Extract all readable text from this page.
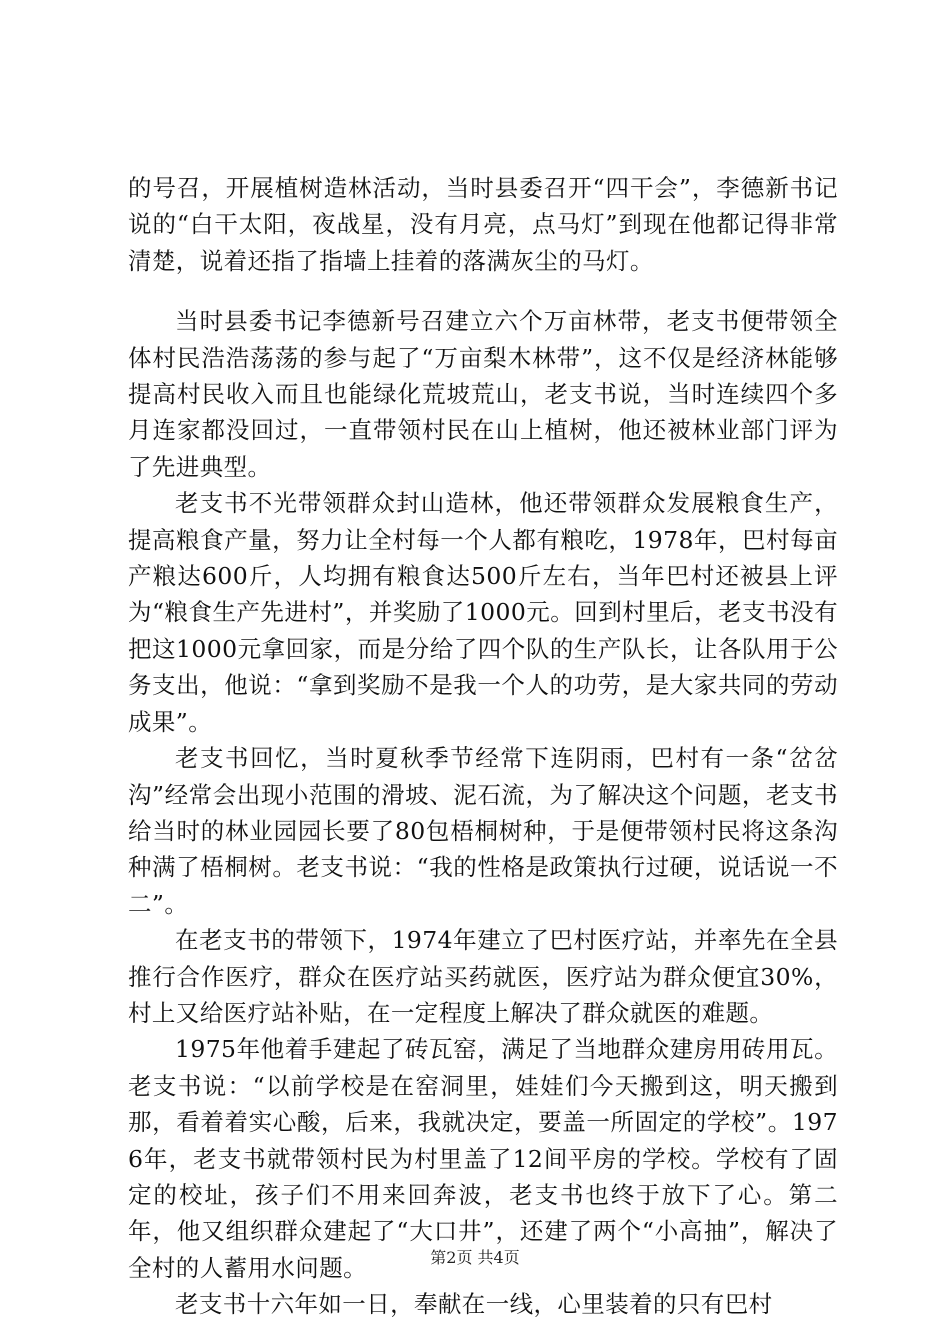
的号召，开展植树造林活动，当时县委召开“四干会”，李德新书记说的“白干太阳，夜战星，没有月亮，点马灯”到现在他都记得非常清楚，说着还指了指墙上挂着的落满灰尘的马灯。

当时县委书记李德新号召建立六个万亩林带，老支书便带领全体村民浩浩荡荡的参与起了“万亩梨木林带”，这不仅是经济林能够提高村民收入而且也能绿化荒坡荒山，老支书说，当时连续四个多月连家都没回过，一直带领村民在山上植树，他还被林业部门评为了先进典型。

老支书不光带领群众封山造林，他还带领群众发展粮食生产，提高粮食产量，努力让全村每一个人都有粮吃，1978年，巴村每亩产粮达600斤，人均拥有粮食达500斤左右，当年巴村还被县上评为“粮食生产先进村”，并奖励了1000元。回到村里后，老支书没有把这1000元拿回家，而是分给了四个队的生产队长，让各队用于公务支出，他说：“拿到奖励不是我一个人的功劳，是大家共同的劳动成果”。

老支书回忆，当时夏秋季节经常下连阴雨，巴村有一条“岔岔沟”经常会出现小范围的滑坡、泥石流，为了解决这个问题，老支书给当时的林业园园长要了80包梧桐树种，于是便带领村民将这条沟种满了梧桐树。老支书说：“我的性格是政策执行过硬，说话说一不二”。

在老支书的带领下，1974年建立了巴村医疗站，并率先在全县推行合作医疗，群众在医疗站买药就医，医疗站为群众便宜30%，村上又给医疗站补贴，在一定程度上解决了群众就医的难题。

1975年他着手建起了砖瓦窑，满足了当地群众建房用砖用瓦。老支书说：“以前学校是在窑洞里，娃娃们今天搬到这，明天搬到那，看着着实心酸，后来，我就决定，要盖一所固定的学校”。1976年，老支书就带领村民为村里盖了12间平房的学校。学校有了固定的校址，孩子们不用来回奔波，老支书也终于放下了心。第二年，他又组织群众建起了“大口井”，还建了两个“小高抽”，解决了全村的人蓄用水问题。

老支书十六年如一日，奉献在一线，心里装着的只有巴村

第2页 共4页
